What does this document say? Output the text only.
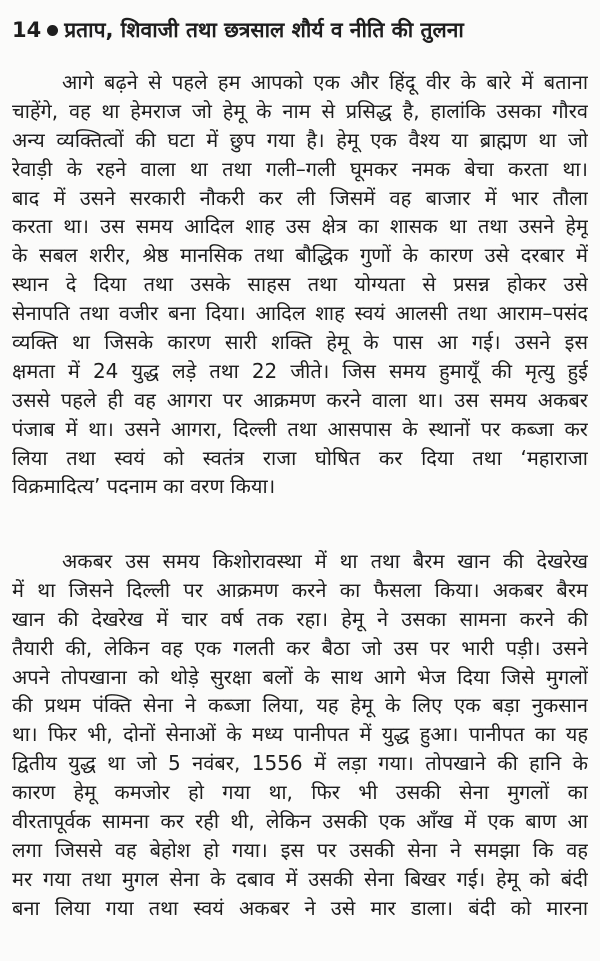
14 प्रताप, शिवाजी तथा छत्रसाल शौर्य व नीति की तुलना
आगे बढ़ने से पहले हम आपको एक और हिंदू वीर के बारे में बताना
चाहेंगे, वह था हेमराज जो हेमू के नाम से प्रसिद्ध है, हालांकि उसका गौरव
अन्य व्यक्तित्वों की घटा में छुप गया है। हेमू एक वैश्य या ब्राह्मण था जो
रेवाड़ी के रहने वाला था तथा गली–गली घूमकर नमक बेचा करता था।
बाद में उसने सरकारी नौकरी कर ली जिसमें वह बाजार में भार तौला
करता था। उस समय आदिल शाह उस क्षेत्र का शासक था तथा उसने हेमू
के सबल शरीर, श्रेष्ठ मानसिक तथा बौद्धिक गुणों के कारण उसे दरबार में
स्थान दे दिया तथा उसके साहस तथा योग्यता से प्रसन्न होकर उसे
सेनापति तथा वजीर बना दिया। आदिल शाह स्वयं आलसी तथा आराम–पसंद
व्यक्ति था जिसके कारण सारी शक्ति हेमू के पास आ गई। उसने इस
क्षमता में 24 युद्ध लड़े तथा 22 जीते। जिस समय हुमायूँ की मृत्यु हुई
उससे पहले ही वह आगरा पर आक्रमण करने वाला था। उस समय अकबर
पंजाब में था। उसने आगरा, दिल्ली तथा आसपास के स्थानों पर कब्जा कर
लिया तथा स्वयं को स्वतंत्र राजा घोषित कर दिया तथा ‘महाराजा
विक्रमादित्य’ पदनाम का वरण किया।
अकबर उस समय किशोरावस्था में था तथा बैरम खान की देखरेख
में था जिसने दिल्ली पर आक्रमण करने का फैसला किया। अकबर बैरम
खान की देखरेख में चार वर्ष तक रहा। हेमू ने उसका सामना करने की
तैयारी की, लेकिन वह एक गलती कर बैठा जो उस पर भारी पड़ी। उसने
अपने तोपखाना को थोड़े सुरक्षा बलों के साथ आगे भेज दिया जिसे मुगलों
की प्रथम पंक्ति सेना ने कब्जा लिया, यह हेमू के लिए एक बड़ा नुकसान
था। फिर भी, दोनों सेनाओं के मध्य पानीपत में युद्ध हुआ। पानीपत का यह
द्वितीय युद्ध था जो 5 नवंबर, 1556 में लड़ा गया। तोपखाने की हानि के
कारण हेमू कमजोर हो गया था, फिर भी उसकी सेना मुगलों का
वीरतापूर्वक सामना कर रही थी, लेकिन उसकी एक आँख में एक बाण आ
लगा जिससे वह बेहोश हो गया। इस पर उसकी सेना ने समझा कि वह
मर गया तथा मुगल सेना के दबाव में उसकी सेना बिखर गई। हेमू को बंदी
बना लिया गया तथा स्वयं अकबर ने उसे मार डाला। बंदी को मारना
